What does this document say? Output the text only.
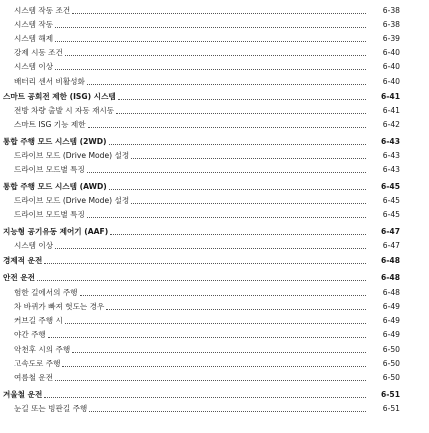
시스템 작동 조건	6-38
시스템 작동	6-38
시스템 해제	6-39
강제 시동 조건	6-40
시스템 이상	6-40
배터리 센서 비활성화	6-40
스마트 공회전 제한 (ISG) 시스템	6-41
전방 차량 출발 시 자동 재시동	6-41
스마트 ISG 기능 제한	6-42
통합 주행 모드 시스템 (2WD)	6-43
드라이브 모드 (Drive Mode) 설정	6-43
드라이브 모드별 특징	6-43
통합 주행 모드 시스템 (AWD)	6-45
드라이브 모드 (Drive Mode) 설정	6-45
드라이브 모드별 특징	6-45
지능형 공기유동 제어기 (AAF)	6-47
시스템 이상	6-47
경제적 운전	6-48
안전 운전	6-48
험한 길에서의 주행	6-48
차 바퀴가 빠져 헛도는 경우	6-49
커브길 주행 시	6-49
야간 주행	6-49
악천후 시의 주행	6-50
고속도로 주행	6-50
여름철 운전	6-50
겨울철 운전	6-51
눈길 또는 빙판길 주행	6-51
